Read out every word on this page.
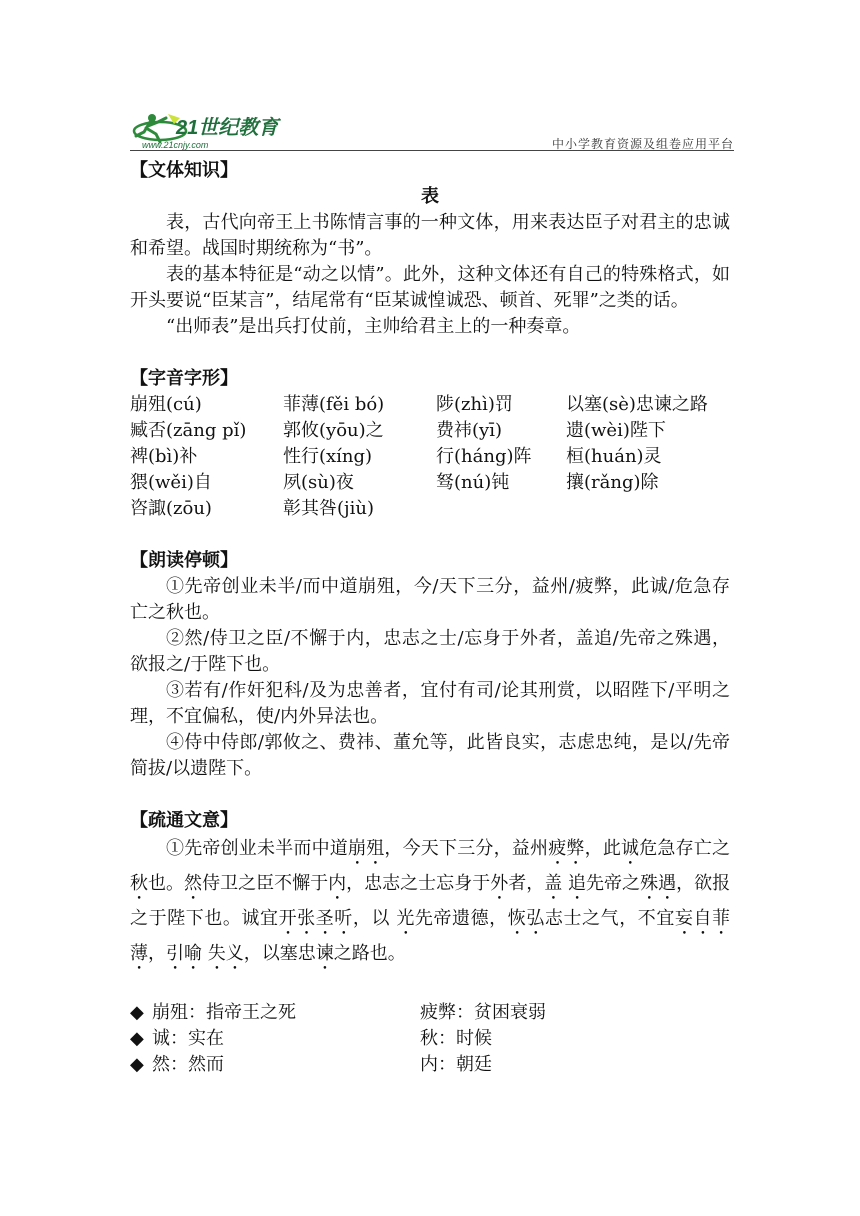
21世纪教育
www.21cnjy.com	中小学教育资源及组卷应用平台

【文体知识】

表

表，古代向帝王上书陈情言事的一种文体，用来表达臣子对君主的忠诚和希望。战国时期统称为“书”。

表的基本特征是“动之以情”。此外，这种文体还有自己的特殊格式，如开头要说“臣某言”，结尾常有“臣某诚惶诚恐、顿首、死罪”之类的话。

“出师表”是出兵打仗前，主帅给君主上的一种奏章。

【字音字形】

崩殂(cú)	菲薄(fěi bó)	陟(zhì)罚	以塞(sè)忠谏之路
臧否(zāng pǐ)	郭攸(yōu)之	费祎(yī)	遗(wèi)陛下
裨(bì)补	性行(xíng)	行(háng)阵	桓(huán)灵
猥(wěi)自	夙(sù)夜	驽(nú)钝	攘(rǎng)除
咨諏(zōu)	彰其咎(jiù)

【朗读停顿】

①先帝创业未半/而中道崩殂，今/天下三分，益州/疲弊，此诚/危急存亡之秋也。

②然/侍卫之臣/不懈于内，忠志之士/忘身于外者，盖追/先帝之殊遇，欲报之/于陛下也。

③若有/作奸犯科/及为忠善者，宜付有司/论其刑赏，以昭陛下/平明之理，不宜偏私，使/内外异法也。

④侍中侍郎/郭攸之、费祎、董允等，此皆良实，志虑忠纯，是以/先帝简拔/以遗陛下。

【疏通文意】

①先帝创业未半而中道崩殂，今天下三分，益州疲弊，此诚危急存亡之秋也。然侍卫之臣不懈于内，忠志之士忘身于外者，盖 追先帝之殊遇，欲报之于陛下也。诚宜开张圣听，以 光先帝遗德，恢弘志士之气，不宜妄自菲薄，引喻 失义，以塞忠谏之路也。

◆ 崩殂：指帝王之死	疲弊：贫困衰弱
◆ 诚：实在	秋：时候
◆ 然：然而	内：朝廷
